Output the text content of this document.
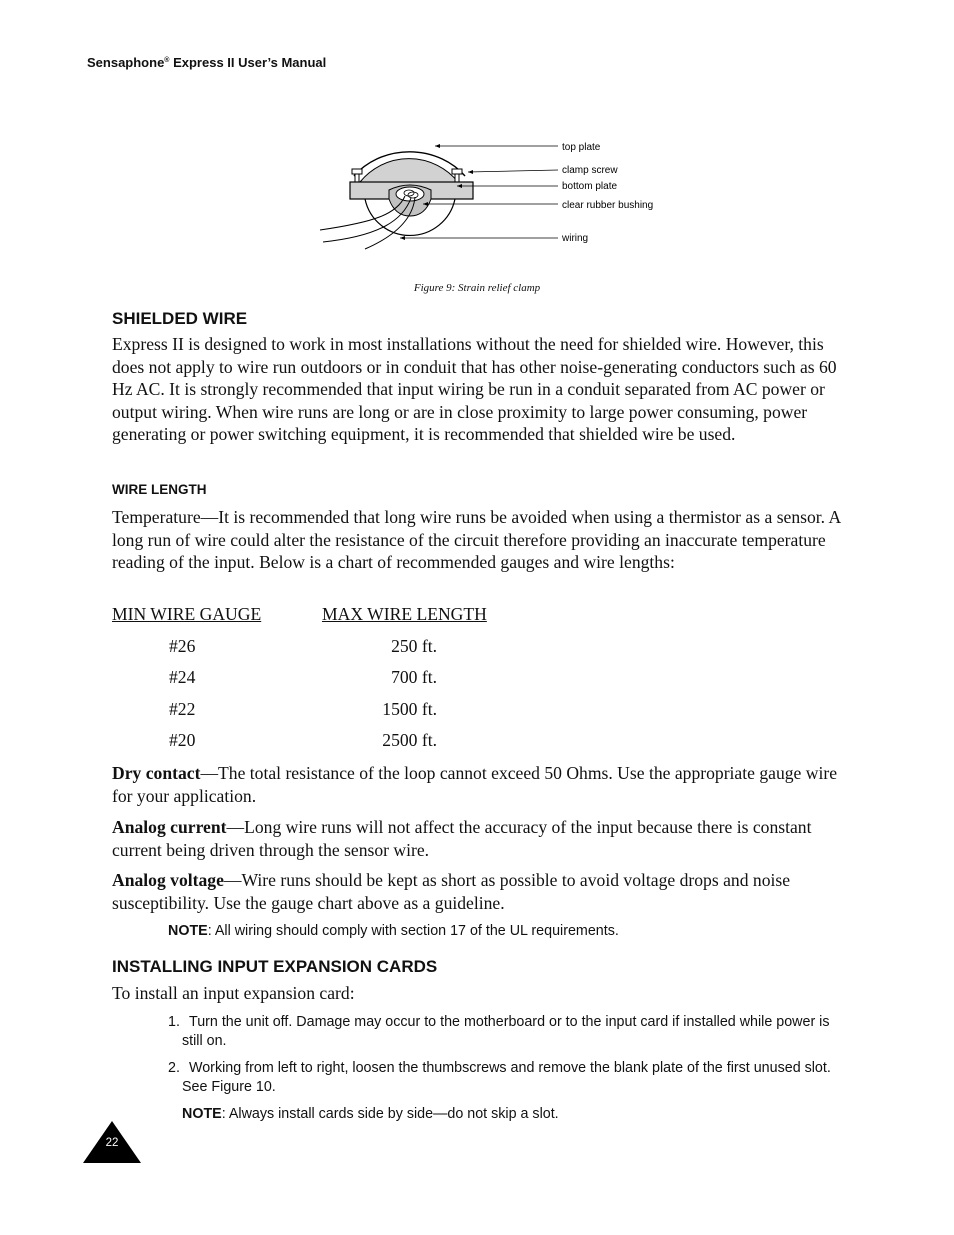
Sensaphone® Express II User’s Manual
top plate
clamp screw
bottom plate
clear rubber bushing
wiring
Figure 9: Strain relief clamp
SHIELDED WIRE
Express II is designed to work in most installations without the need for shielded wire. However, this does not apply to wire run outdoors or in conduit that has other noise-generating conductors such as 60 Hz AC. It is strongly recommended that input wiring be run in a conduit separated from AC power or output wiring. When wire runs are long or are in close proximity to large power consuming, power generating or power switching equipment, it is recommended that shielded wire be used.
WIRE LENGTH
Temperature—It is recommended that long wire runs be avoided when using a thermistor as a sensor. A long run of wire could alter the resistance of the circuit therefore providing an inaccurate temperature reading of the input. Below is a chart of recommended gauges and wire lengths:
MIN WIRE GAUGE	MAX WIRE LENGTH
#26	250 ft.
#24	700 ft.
#22	1500 ft.
#20	2500 ft.
Dry contact—The total resistance of the loop cannot exceed 50 Ohms. Use the appropriate gauge wire for your application.
Analog current—Long wire runs will not affect the accuracy of the input because there is constant current being driven through the sensor wire.
Analog voltage—Wire runs should be kept as short as possible to avoid voltage drops and noise susceptibility. Use the gauge chart above as a guideline.
NOTE: All wiring should comply with section 17 of the UL requirements.
INSTALLING INPUT EXPANSION CARDS
To install an input expansion card:
1. Turn the unit off. Damage may occur to the motherboard or to the input card if installed while power is still on.
2. Working from left to right, loosen the thumbscrews and remove the blank plate of the first unused slot. See Figure 10.
NOTE: Always install cards side by side—do not skip a slot.
22
